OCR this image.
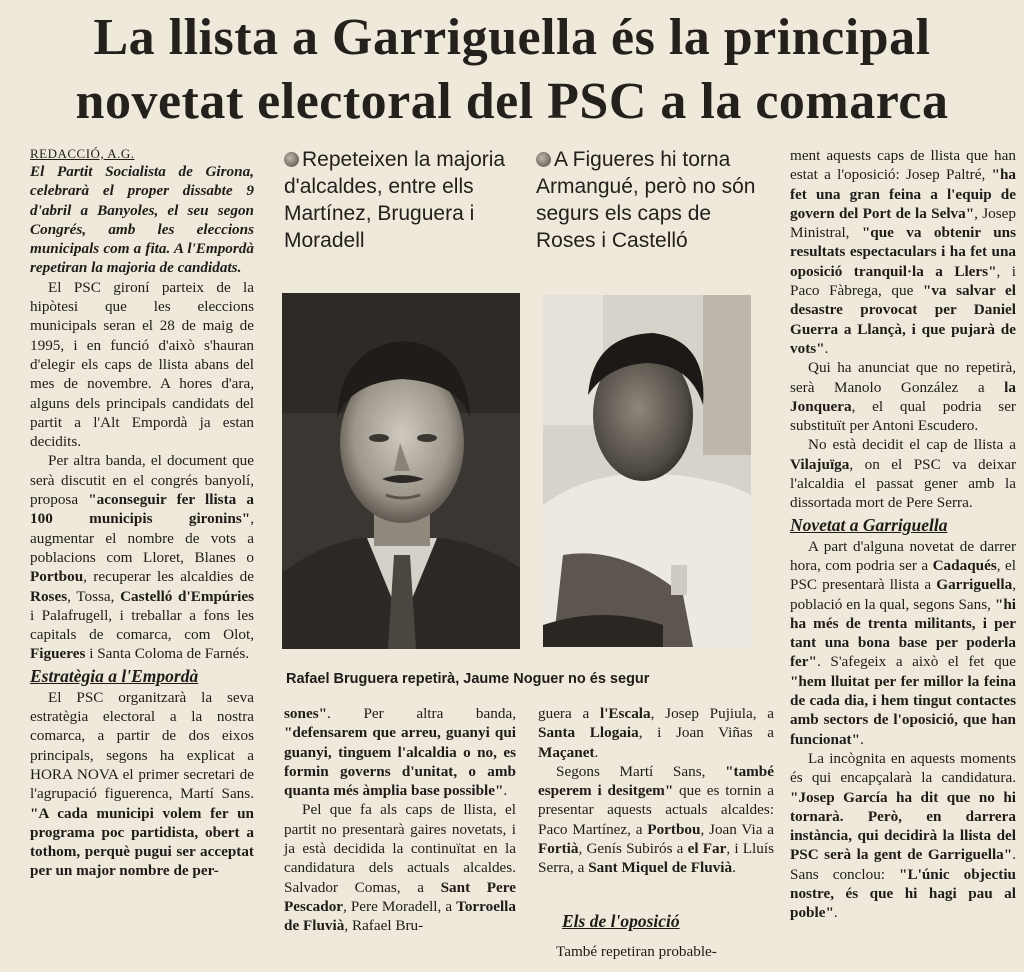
La llista a Garriguella és la principal
novetat electoral del PSC a la comarca
REDACCIÓ, A.G.

El Partit Socialista de Girona, celebrarà el proper dissabte 9 d'abril a Banyoles, el seu segon Congrés, amb les eleccions municipals com a fita. A l'Empordà repetiran la majoria de candidats.

El PSC gironí parteix de la hipòtesi que les eleccions municipals seran el 28 de maig de 1995, i en funció d'això s'hauran d'elegir els caps de llista abans del mes de novembre. A hores d'ara, alguns dels principals candidats del partit a l'Alt Empordà ja estan decidits.

Per altra banda, el document que serà discutit en el congrés banyolí, proposa "aconseguir fer llista a 100 municipis gironins", augmentar el nombre de vots a poblacions com Lloret, Blanes o Portbou, recuperar les alcaldies de Roses, Tossa, Castelló d'Empúries i Palafrugell, i treballar a fons les capitals de comarca, com Olot, Figueres i Santa Coloma de Farnés.

Estratègia a l'Empordà

El PSC organitzarà la seva estratègia electoral a la nostra comarca, a partir de dos eixos principals, segons ha explicat a HORA NOVA el primer secretari de l'agrupació figuerenca, Martí Sans. "A cada municipi volem fer un programa poc partidista, obert a tothom, perquè pugui ser acceptat per un major nombre de per-

Repeteixen la majoria d'alcaldes, entre ells Martínez, Bruguera i Moradell
A Figueres hi torna Armangué, però no són segurs els caps de Roses i Castelló
Rafael Bruguera repetirà, Jaume Noguer no és segur

sones". Per altra banda, "defensarem que arreu, guanyi qui guanyi, tinguem l'alcaldia o no, es formin governs d'unitat, o amb quanta més àmplia base possible".

Pel que fa als caps de llista, el partit no presentarà gaires novetats, i ja està decidida la continuïtat en la candidatura dels actuals alcaldes. Salvador Comas, a Sant Pere Pescador, Pere Moradell, a Torroella de Fluvià, Rafael Bru-

guera a l'Escala, Josep Pujiula, a Santa Llogaia, i Joan Viñas a Maçanet.

Segons Martí Sans, "també esperem i desitgem" que es tornin a presentar aquests actuals alcaldes: Paco Martínez, a Portbou, Joan Via a Fortià, Genís Subirós a el Far, i Lluís Serra, a Sant Miquel de Fluvià.

Els de l'oposició

També repetiran probable-

ment aquests caps de llista que han estat a l'oposició: Josep Paltré, "ha fet una gran feina a l'equip de govern del Port de la Selva", Josep Ministral, "que va obtenir uns resultats espectaculars i ha fet una oposició tranquil·la a Llers", i Paco Fàbrega, que "va salvar el desastre provocat per Daniel Guerra a Llançà, i que pujarà de vots".

Qui ha anunciat que no repetirà, serà Manolo González a la Jonquera, el qual podria ser substituït per Antoni Escudero.

No està decidit el cap de llista a Vilajuïga, on el PSC va deixar l'alcaldia el passat gener amb la dissortada mort de Pere Serra.

Novetat a Garriguella

A part d'alguna novetat de darrer hora, com podria ser a Cadaqués, el PSC presentarà llista a Garriguella, població en la qual, segons Sans, "hi ha més de trenta militants, i per tant una bona base per poderla fer". S'afegeix a això el fet que "hem lluitat per fer millor la feina de cada dia, i hem tingut contactes amb sectors de l'oposició, que han funcionat".

La incògnita en aquests moments és qui encapçalarà la candidatura. "Josep García ha dit que no hi tornarà. Però, en darrera instància, qui decidirà la llista del PSC serà la gent de Garriguella". Sans conclou: "L'únic objectiu nostre, és que hi hagi pau al poble".
